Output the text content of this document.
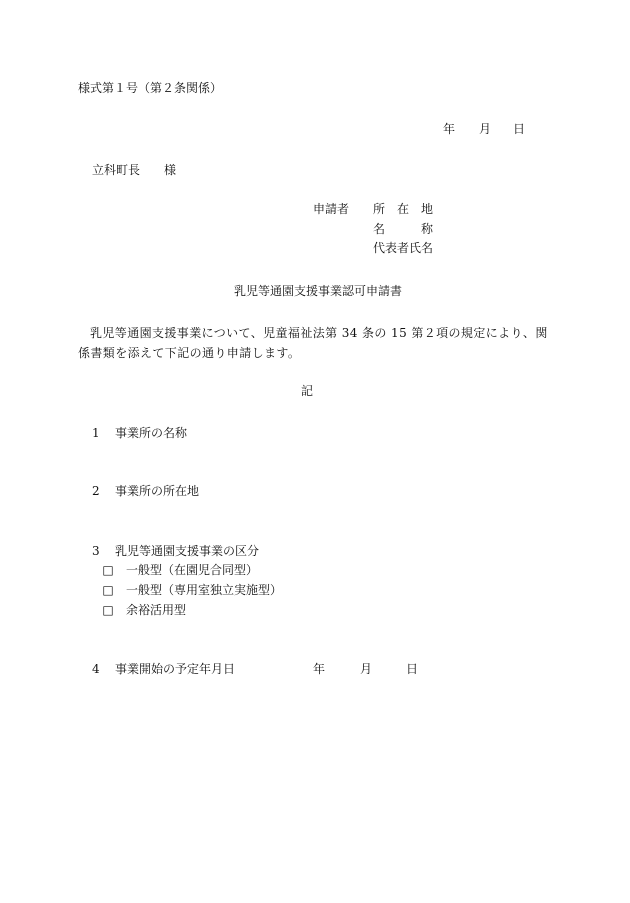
様式第１号（第２条関係）
年 月 日
立科町長　　様
申請者 所　在　地
名　　　称
代表者氏名
乳児等通園支援事業認可申請書
乳児等通園支援事業について、児童福祉法第 34 条の 15 第２項の規定により、関係書類を添えて下記の通り申請します。
記
1 事業所の名称
2 事業所の所在地
3 乳児等通園支援事業の区分
□ 一般型（在園児合同型）
□ 一般型（専用室独立実施型）
□ 余裕活用型
4 事業開始の予定年月日	年	月	日
